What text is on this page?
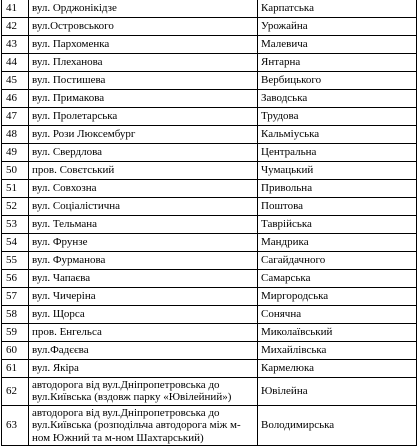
41	вул. Орджонікідзе	Карпатська
42	вул.Островського	Урожайна
43	вул. Пархоменка	Малевича
44	вул. Плеханова	Янтарна
45	вул. Постишева	Вербицького
46	вул. Примакова	Заводська
47	вул. Пролетарська	Трудова
48	вул. Рози Люксембург	Кальміуська
49	вул. Свердлова	Центральна
50	пров. Совєтський	Чумацький
51	вул. Совхозна	Привольна
52	вул. Соціалістична	Поштова
53	вул. Тельмана	Таврійська
54	вул. Фрунзе	Мандрика
55	вул. Фурманова	Сагайдачного
56	вул. Чапаєва	Самарська
57	вул. Чичеріна	Миргородська
58	вул. Щорса	Сонячна
59	пров. Енгельса	Миколаївський
60	вул.Фадєєва	Михайлівська
61	вул. Якіра	Кармелюка
62	автодорога від вул.Дніпропетровська до вул.Київська (вздовж парку «Ювілейний»)	Ювілейна
63	автодорога від вул.Дніпропетровська до вул.Київська (розподільча автодорога між м-ном Южний та м-ном Шахтарський)	Володимирська
